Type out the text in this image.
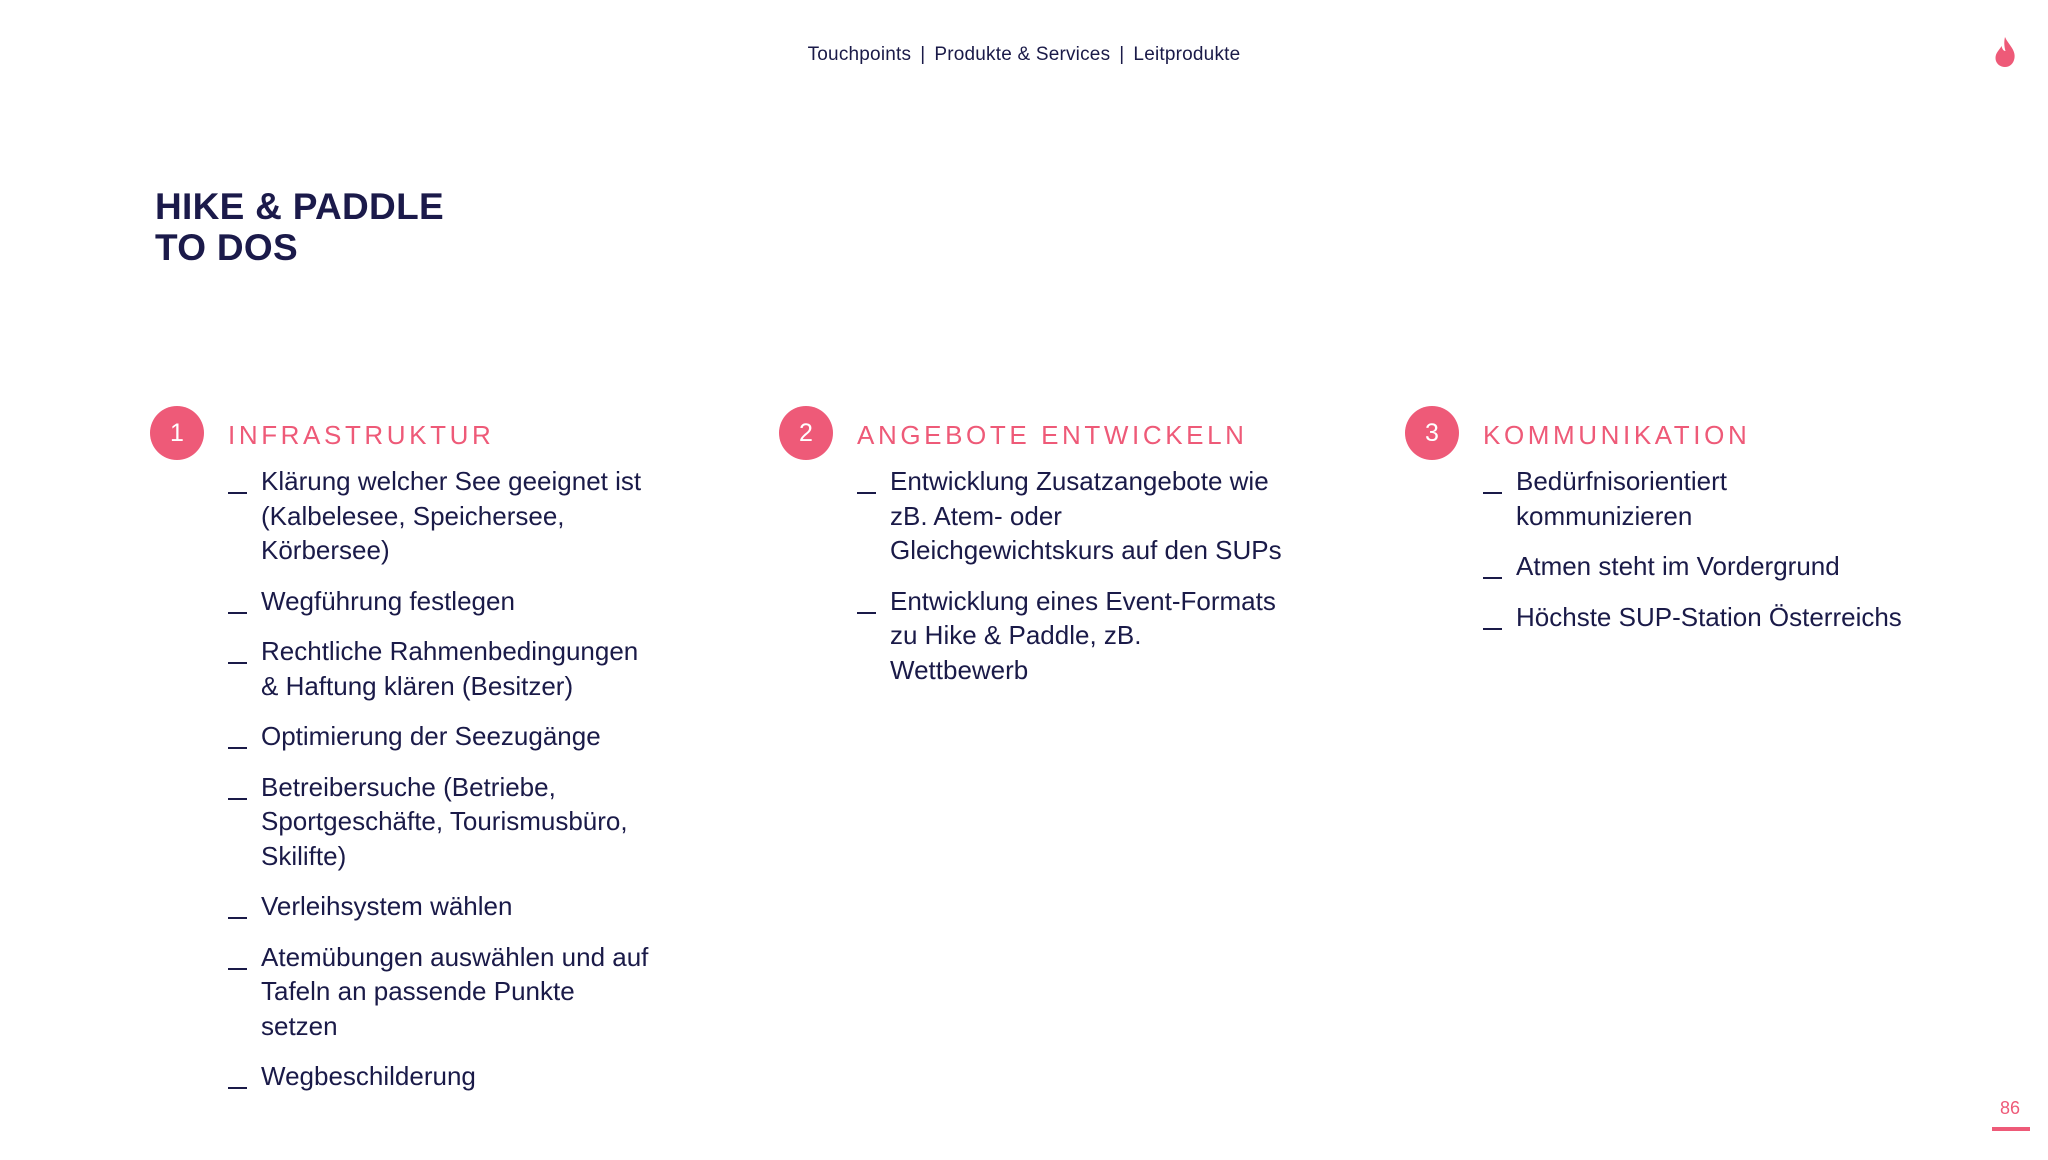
Touchpoints | Produkte & Services | Leitprodukte
HIKE & PADDLE
TO DOS
1	INFRASTRUKTUR
Klärung welcher See geeignet ist
(Kalbelesee, Speichersee,
Körbersee)
Wegführung festlegen
Rechtliche Rahmenbedingungen
& Haftung klären (Besitzer)
Optimierung der Seezugänge
Betreibersuche (Betriebe,
Sportgeschäfte, Tourismusbüro,
Skilifte)
Verleihsystem wählen
Atemübungen auswählen und auf
Tafeln an passende Punkte
setzen
Wegbeschilderung
2	ANGEBOTE ENTWICKELN
Entwicklung Zusatzangebote wie
zB. Atem- oder
Gleichgewichtskurs auf den SUPs
Entwicklung eines Event-Formats
zu Hike & Paddle, zB.
Wettbewerb
3	KOMMUNIKATION
Bedürfnisorientiert
kommunizieren
Atmen steht im Vordergrund
Höchste SUP-Station Österreichs
86
